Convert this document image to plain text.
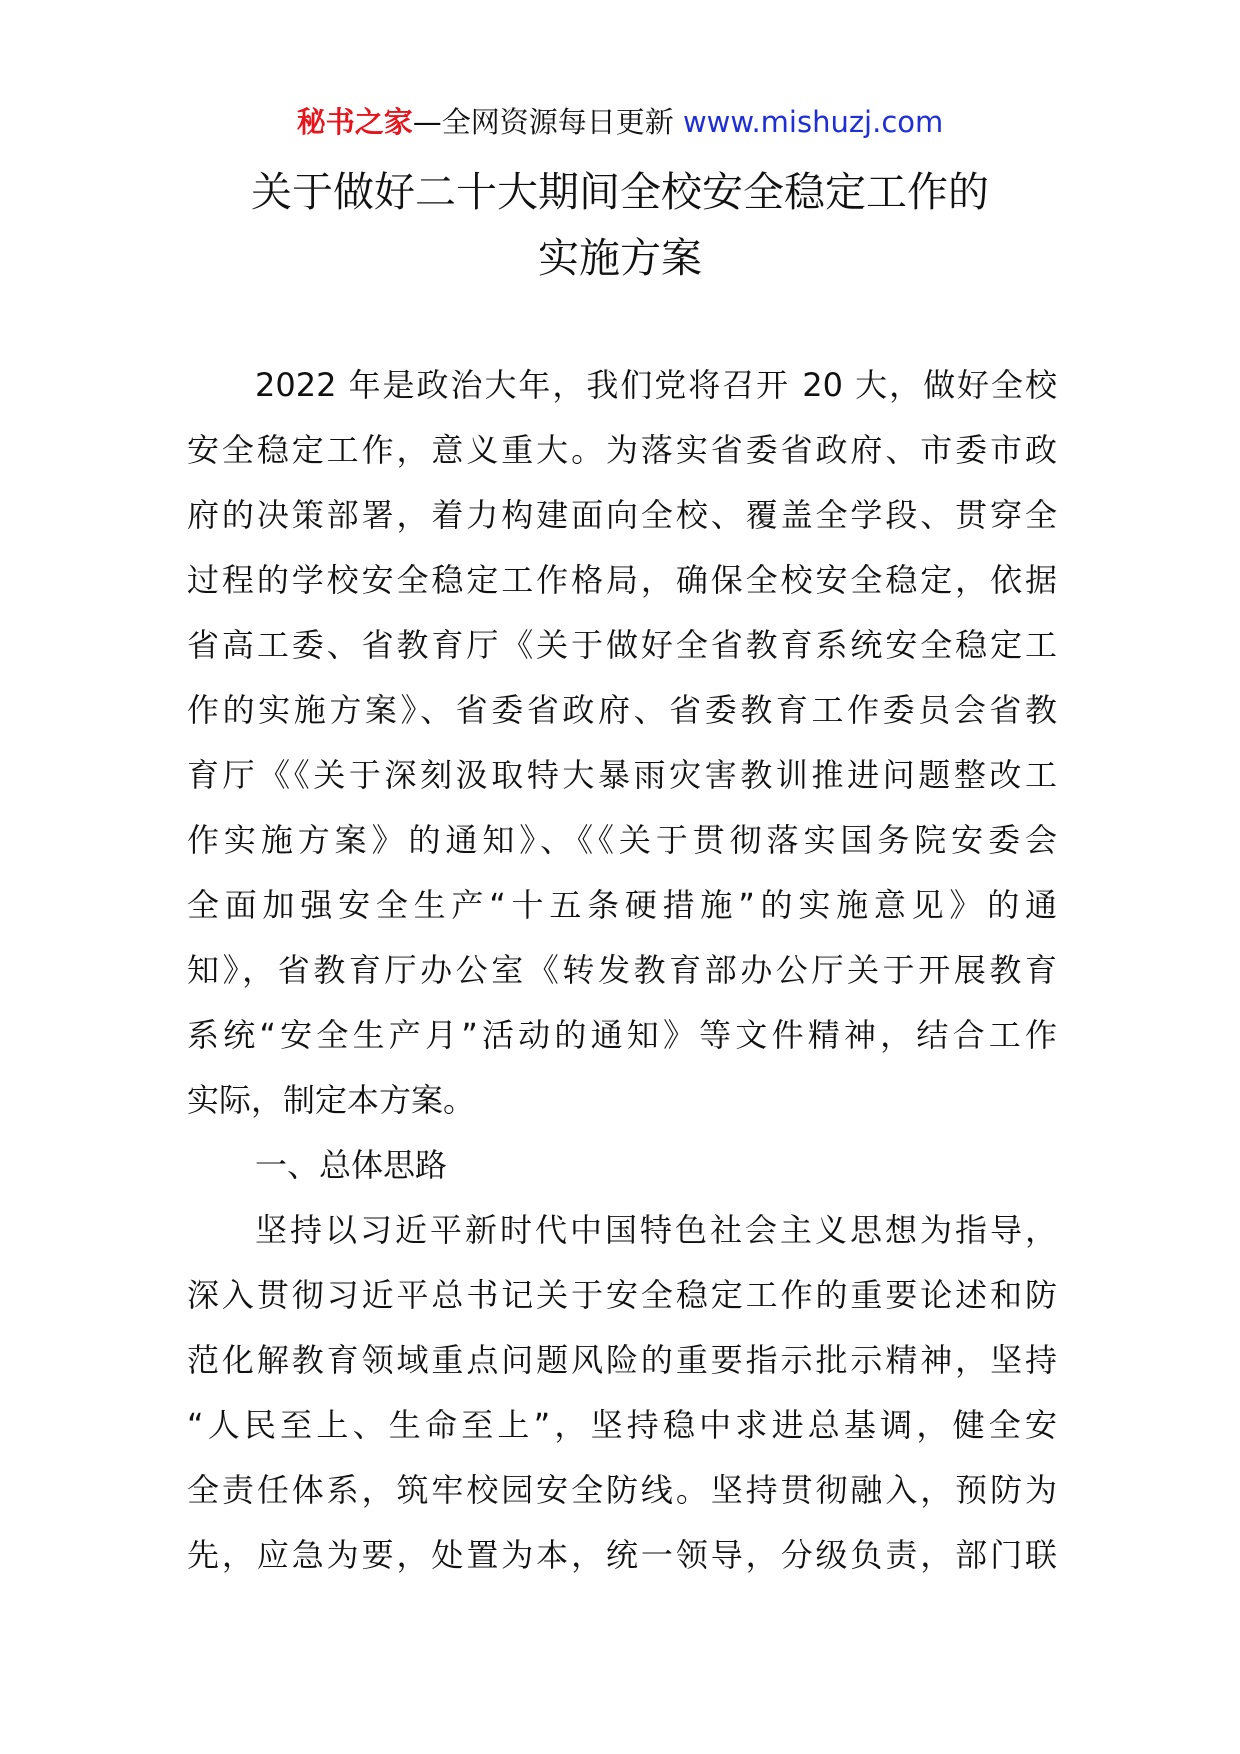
秘书之家—全网资源每日更新 www.mishuzj.com
关于做好二十大期间全校安全稳定工作的
实施方案
2022 年是政治大年，我们党将召开 20 大，做好全校
安全稳定工作，意义重大。为落实省委省政府、市委市政
府的决策部署，着力构建面向全校、覆盖全学段、贯穿全
过程的学校安全稳定工作格局，确保全校安全稳定，依据
省高工委、省教育厅《关于做好全省教育系统安全稳定工
作的实施方案》、省委省政府、省委教育工作委员会省教
育厅《《关于深刻汲取特大暴雨灾害教训推进问题整改工
作实施方案》的通知》、《《关于贯彻落实国务院安委会
全面加强安全生产“十五条硬措施”的实施意见》的通
知》，省教育厅办公室《转发教育部办公厅关于开展教育
系统“安全生产月”活动的通知》等文件精神，结合工作
实际，制定本方案。
一、总体思路
坚持以习近平新时代中国特色社会主义思想为指导，
深入贯彻习近平总书记关于安全稳定工作的重要论述和防
范化解教育领域重点问题风险的重要指示批示精神，坚持
“人民至上、生命至上”，坚持稳中求进总基调，健全安
全责任体系，筑牢校园安全防线。坚持贯彻融入，预防为
先，应急为要，处置为本，统一领导，分级负责，部门联
